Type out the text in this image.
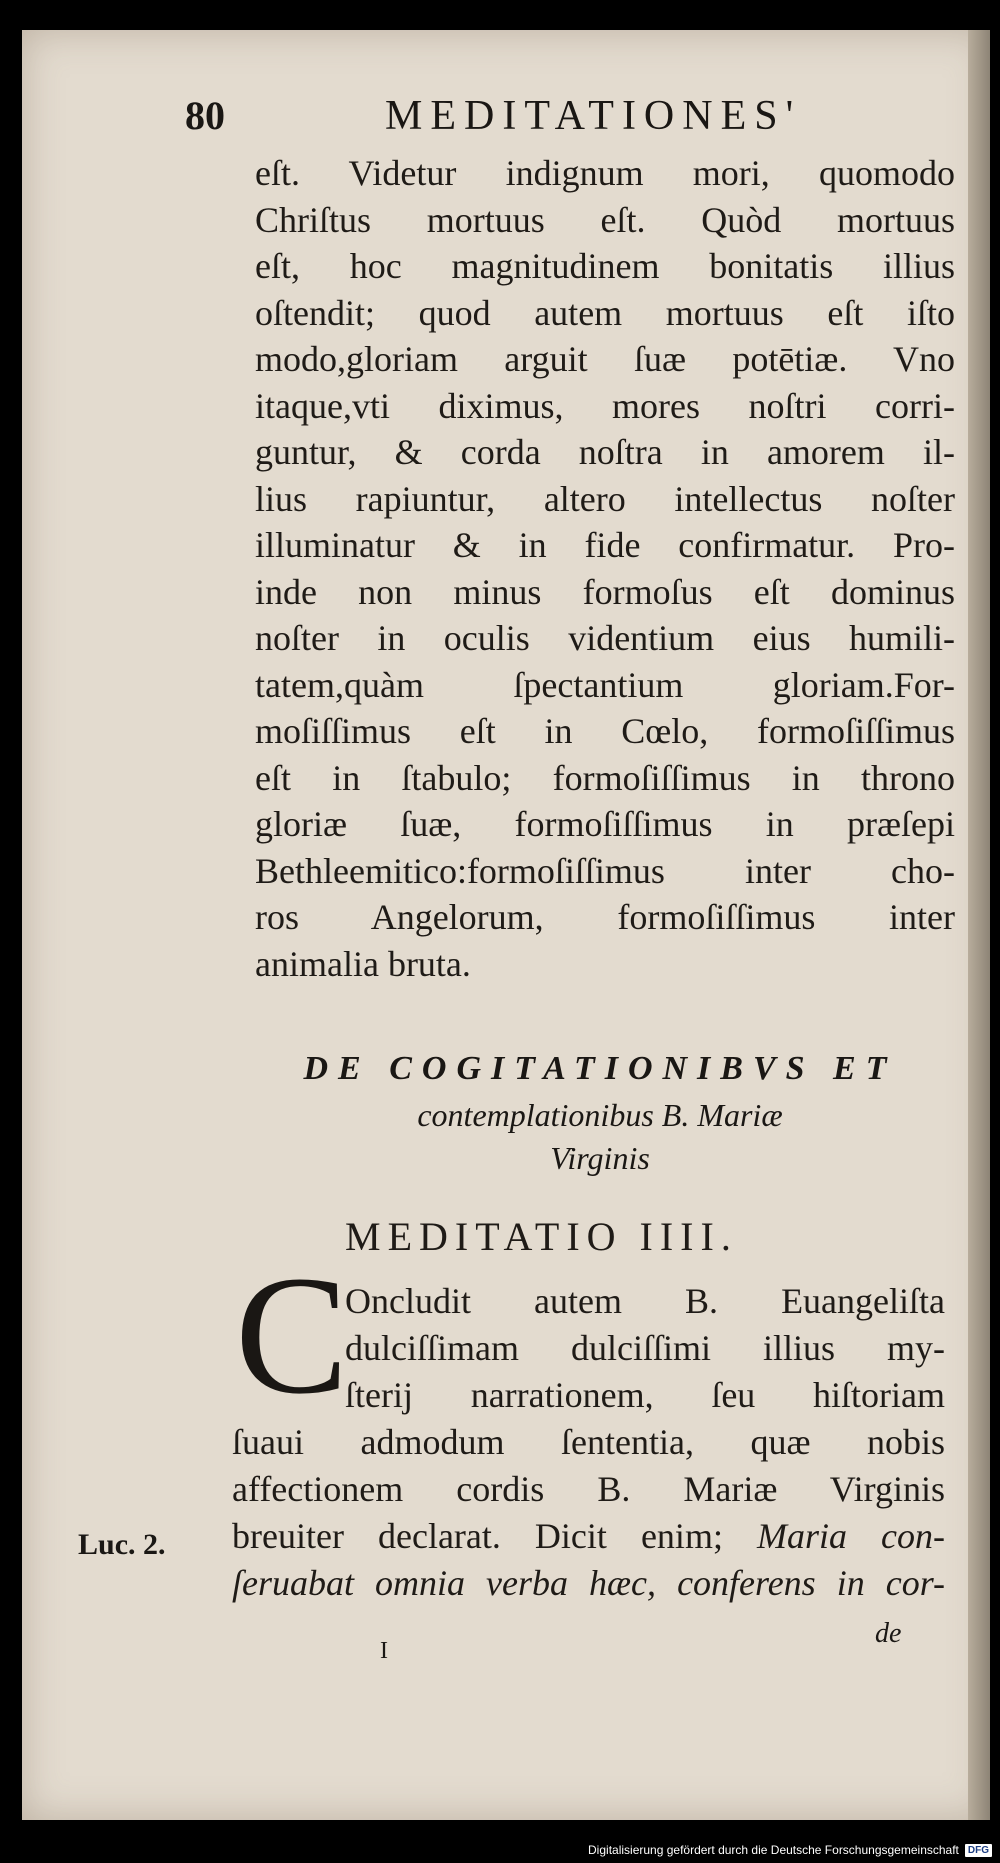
80	MEDITATIONES'
eſt. Videtur indignum mori, quomodo
Chriſtus mortuus eſt. Quòd mortuus
eſt, hoc magnitudinem bonitatis illius
oſtendit; quod autem mortuus eſt iſto
modo,gloriam arguit ſuæ potētiæ. Vno
itaque,vti diximus, mores noſtri corri-
guntur, & corda noſtra in amorem il-
lius rapiuntur, altero intellectus noſter
illuminatur & in fide confirmatur. Pro-
inde non minus formoſus eſt dominus
noſter in oculis videntium eius humili-
tatem,quàm ſpectantium gloriam.For-
moſiſſimus eſt in Cœlo, formoſiſſimus
eſt in ſtabulo; formoſiſſimus in throno
gloriæ ſuæ, formoſiſſimus in præſepi
Bethleemitico:formoſiſſimus inter cho-
ros Angelorum, formoſiſſimus inter
animalia bruta.
DE COGITATIONIBVS ET
contemplationibus B. Mariæ
Virginis
MEDITATIO IIII.
C
Oncludit autem B. Euangeliſta
dulciſſimam dulciſſimi illius my-
ſterij narrationem, ſeu hiſtoriam
ſuaui admodum ſententia, quæ nobis
affectionem cordis B. Mariæ Virginis
breuiter declarat. Dicit enim; Maria con-
ſeruabat omnia verba hæc, conferens in cor-
Luc. 2.
de
I
Digitalisierung gefördert durch die Deutsche Forschungsgemeinschaft DFG
